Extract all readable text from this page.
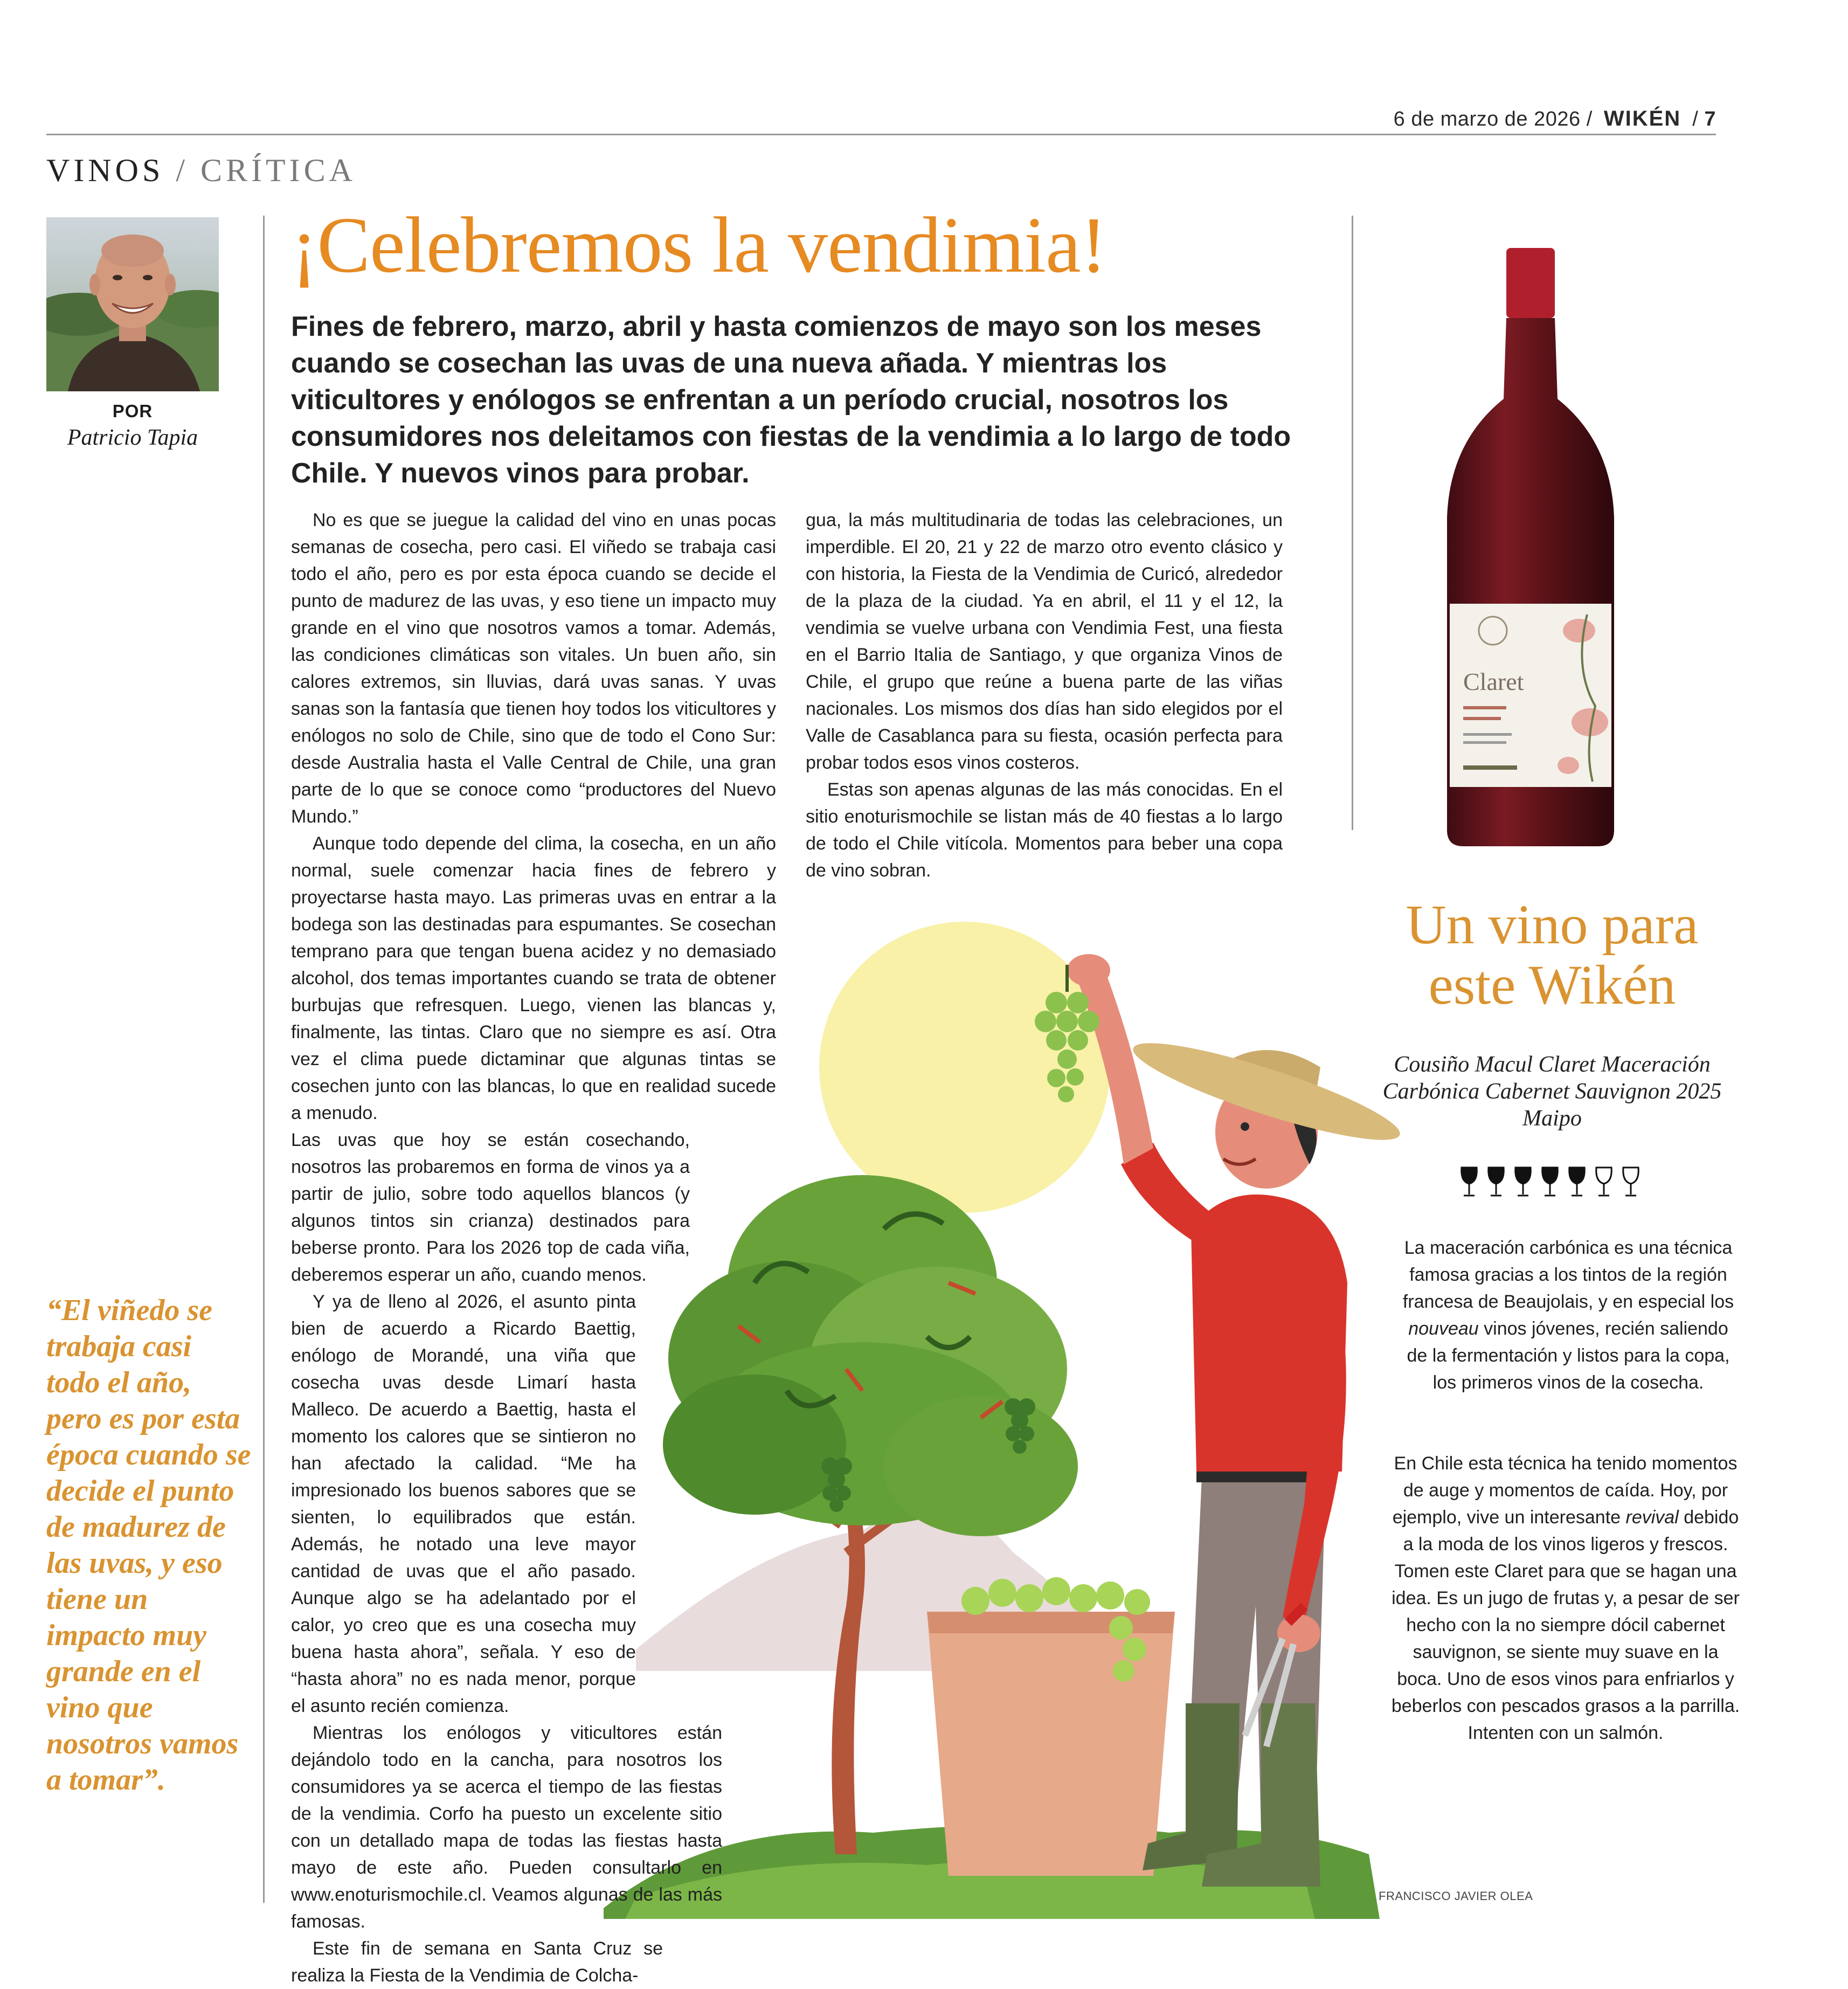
6 de marzo de 2026 / WIKÉN / 7
VINOS / CRÍTICA
POR
Patricio Tapia
“El viñedo se trabaja casi todo el año, pero es por esta época cuando se decide el punto de madurez de las uvas, y eso tiene un impacto muy grande en el vino que nosotros vamos a tomar”.
¡Celebremos la vendimia!
Fines de febrero, marzo, abril y hasta comienzos de mayo son los meses cuando se cosechan las uvas de una nueva añada. Y mientras los viticultores y enólogos se enfrentan a un período crucial, nosotros los consumidores nos deleitamos con fiestas de la vendimia a lo largo de todo Chile. Y nuevos vinos para probar.
FRANCISCO JAVIER OLEA

No es que se juegue la calidad del vino en unas pocas semanas de cosecha, pero casi. El viñedo se trabaja casi todo el año, pero es por esta época cuando se decide el punto de madurez de las uvas, y eso tiene un impacto muy grande en el vino que nosotros vamos a tomar. Además, las condiciones climáticas son vitales. Un buen año, sin calores extremos, sin lluvias, dará uvas sanas. Y uvas sanas son la fantasía que tienen hoy todos los viticultores y enólogos no solo de Chile, sino que de todo el Cono Sur: desde Australia hasta el Valle Central de Chile, una gran parte de lo que se conoce como “productores del Nuevo Mundo.”

Aunque todo depende del clima, la cosecha, en un año normal, suele comenzar hacia fines de febrero y proyectarse hasta mayo. Las primeras uvas en entrar a la bodega son las destinadas para espumantes. Se cosechan temprano para que tengan buena acidez y no demasiado alcohol, dos temas importantes cuando se trata de obtener burbujas que refresquen. Luego, vienen las blancas y, finalmente, las tintas. Claro que no siempre es así. Otra vez el clima puede dictaminar que algunas tintas se cosechen junto con las blancas, lo que en realidad sucede a menudo.

Las uvas que hoy se están cosechando, nosotros las probaremos en forma de vinos ya a partir de julio, sobre todo aquellos blancos (y algunos tintos sin crianza) destinados para beberse pronto. Para los 2026 top de cada viña, deberemos esperar un año, cuando menos.

Y ya de lleno al 2026, el asunto pinta bien de acuerdo a Ricardo Baettig, enólogo de Morandé, una viña que cosecha uvas desde Limarí hasta Malleco. De acuerdo a Baettig, hasta el momento los calores que se sintieron no han afectado la calidad. “Me ha impresionado los buenos sabores que se sienten, lo equilibrados que están. Además, he notado una leve mayor cantidad de uvas que el año pasado. Aunque algo se ha adelantado por el calor, yo creo que es una cosecha muy buena hasta ahora”, señala. Y eso de “hasta ahora” no es nada menor, porque el asunto recién comienza.

Mientras los enólogos y viticultores están dejándolo todo en la cancha, para nosotros los consumidores ya se acerca el tiempo de las fiestas de la vendimia. Corfo ha puesto un excelente sitio con un detallado mapa de todas las fiestas hasta mayo de este año. Pueden consultarlo en www.enoturismochile.cl. Veamos algunas de las más famosas.

Este fin de semana en Santa Cruz se realiza la Fiesta de la Vendimia de Colcha-

gua, la más multitudinaria de todas las celebraciones, un imperdible. El 20, 21 y 22 de marzo otro evento clásico y con historia, la Fiesta de la Vendimia de Curicó, alrededor de la plaza de la ciudad. Ya en abril, el 11 y el 12, la vendimia se vuelve urbana con Vendimia Fest, una fiesta en el Barrio Italia de Santiago, y que organiza Vinos de Chile, el grupo que reúne a buena parte de las viñas nacionales. Los mismos dos días han sido elegidos por el Valle de Casablanca para su fiesta, ocasión perfecta para probar todos esos vinos costeros.

Estas son apenas algunas de las más conocidas. En el sitio enoturismochile se listan más de 40 fiestas a lo largo de todo el Chile vitícola. Momentos para beber una copa de vino sobran.

Claret
Un vino para este Wikén
Cousiño Macul Claret Maceración Carbónica Cabernet Sauvignon 2025 Maipo

La maceración carbónica es una técnica famosa gracias a los tintos de la región francesa de Beaujolais, y en especial los nouveau vinos jóvenes, recién saliendo de la fermentación y listos para la copa, los primeros vinos de la cosecha.

En Chile esta técnica ha tenido momentos de auge y momentos de caída. Hoy, por ejemplo, vive un interesante revival debido a la moda de los vinos ligeros y frescos. Tomen este Claret para que se hagan una idea. Es un jugo de frutas y, a pesar de ser hecho con la no siempre dócil cabernet sauvignon, se siente muy suave en la boca. Uno de esos vinos para enfriarlos y beberlos con pescados grasos a la parrilla. Intenten con un salmón.
